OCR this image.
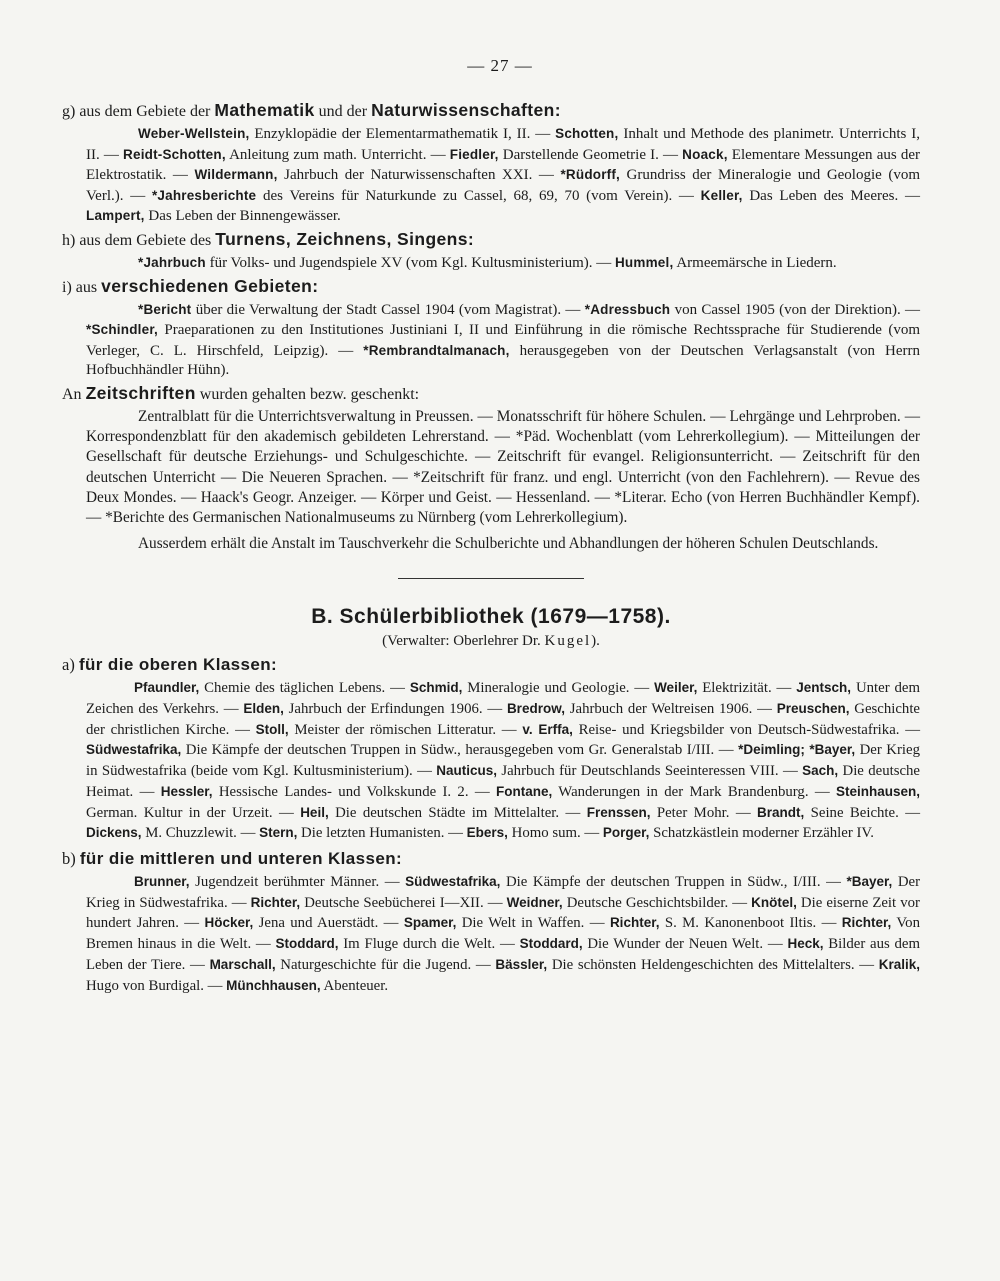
— 27 —

g) aus dem Gebiete der Mathematik und der Naturwissenschaften:

Weber-Wellstein, Enzyklopädie der Elementarmathematik I, II. — Schotten, Inhalt und Methode des planimetr. Unterrichts I, II. — Reidt-Schotten, Anleitung zum math. Unterricht. — Fiedler, Darstellende Geometrie I. — Noack, Elementare Messungen aus der Elektrostatik. — Wildermann, Jahrbuch der Naturwissenschaften XXI. — *Rüdorff, Grundriss der Mineralogie und Geologie (vom Verl.). — *Jahresberichte des Vereins für Naturkunde zu Cassel, 68, 69, 70 (vom Verein). — Keller, Das Leben des Meeres. — Lampert, Das Leben der Binnengewässer.

h) aus dem Gebiete des Turnens, Zeichnens, Singens:

*Jahrbuch für Volks- und Jugendspiele XV (vom Kgl. Kultusministerium). — Hummel, Armeemärsche in Liedern.

i) aus verschiedenen Gebieten:

*Bericht über die Verwaltung der Stadt Cassel 1904 (vom Magistrat). — *Adressbuch von Cassel 1905 (von der Direktion). — *Schindler, Praeparationen zu den Institutiones Justiniani I, II und Einführung in die römische Rechtssprache für Studierende (vom Verleger, C. L. Hirschfeld, Leipzig). — *Rembrandtalmanach, herausgegeben von der Deutschen Verlagsanstalt (von Herrn Hofbuchhändler Hühn).

An Zeitschriften wurden gehalten bezw. geschenkt:

Zentralblatt für die Unterrichtsverwaltung in Preussen. — Monatsschrift für höhere Schulen. — Lehrgänge und Lehrproben. — Korrespondenzblatt für den akademisch gebildeten Lehrerstand. — *Päd. Wochenblatt (vom Lehrerkollegium). — Mitteilungen der Gesellschaft für deutsche Erziehungs- und Schulgeschichte. — Zeitschrift für evangel. Religionsunterricht. — Zeitschrift für den deutschen Unterricht — Die Neueren Sprachen. — *Zeitschrift für franz. und engl. Unterricht (von den Fachlehrern). — Revue des Deux Mondes. — Haack's Geogr. Anzeiger. — Körper und Geist. — Hessenland. — *Literar. Echo (von Herren Buchhändler Kempf). — *Berichte des Germanischen Nationalmuseums zu Nürnberg (vom Lehrerkollegium).

Ausserdem erhält die Anstalt im Tauschverkehr die Schulberichte und Abhandlungen der höheren Schulen Deutschlands.

B. Schülerbibliothek (1679—1758).
(Verwalter: Oberlehrer Dr. Kugel).

a) für die oberen Klassen:

Pfaundler, Chemie des täglichen Lebens. — Schmid, Mineralogie und Geologie. — Weiler, Elektrizität. — Jentsch, Unter dem Zeichen des Verkehrs. — Elden, Jahrbuch der Erfindungen 1906. — Bredrow, Jahrbuch der Weltreisen 1906. — Preuschen, Geschichte der christlichen Kirche. — Stoll, Meister der römischen Litteratur. — v. Erffa, Reise- und Kriegsbilder von Deutsch-Südwestafrika. — Südwestafrika, Die Kämpfe der deutschen Truppen in Südw., herausgegeben vom Gr. Generalstab I/III. — *Deimling; *Bayer, Der Krieg in Südwestafrika (beide vom Kgl. Kultusministerium). — Nauticus, Jahrbuch für Deutschlands Seeinteressen VIII. — Sach, Die deutsche Heimat. — Hessler, Hessische Landes- und Volkskunde I. 2. — Fontane, Wanderungen in der Mark Brandenburg. — Steinhausen, German. Kultur in der Urzeit. — Heil, Die deutschen Städte im Mittelalter. — Frenssen, Peter Mohr. — Brandt, Seine Beichte. — Dickens, M. Chuzzlewit. — Stern, Die letzten Humanisten. — Ebers, Homo sum. — Porger, Schatzkästlein moderner Erzähler IV.

b) für die mittleren und unteren Klassen:

Brunner, Jugendzeit berühmter Männer. — Südwestafrika, Die Kämpfe der deutschen Truppen in Südw., I/III. — *Bayer, Der Krieg in Südwestafrika. — Richter, Deutsche Seebücherei I—XII. — Weidner, Deutsche Geschichtsbilder. — Knötel, Die eiserne Zeit vor hundert Jahren. — Höcker, Jena und Auerstädt. — Spamer, Die Welt in Waffen. — Richter, S. M. Kanonenboot Iltis. — Richter, Von Bremen hinaus in die Welt. — Stoddard, Im Fluge durch die Welt. — Stoddard, Die Wunder der Neuen Welt. — Heck, Bilder aus dem Leben der Tiere. — Marschall, Naturgeschichte für die Jugend. — Bässler, Die schönsten Heldengeschichten des Mittelalters. — Kralik, Hugo von Burdigal. — Münchhausen, Abenteuer.
